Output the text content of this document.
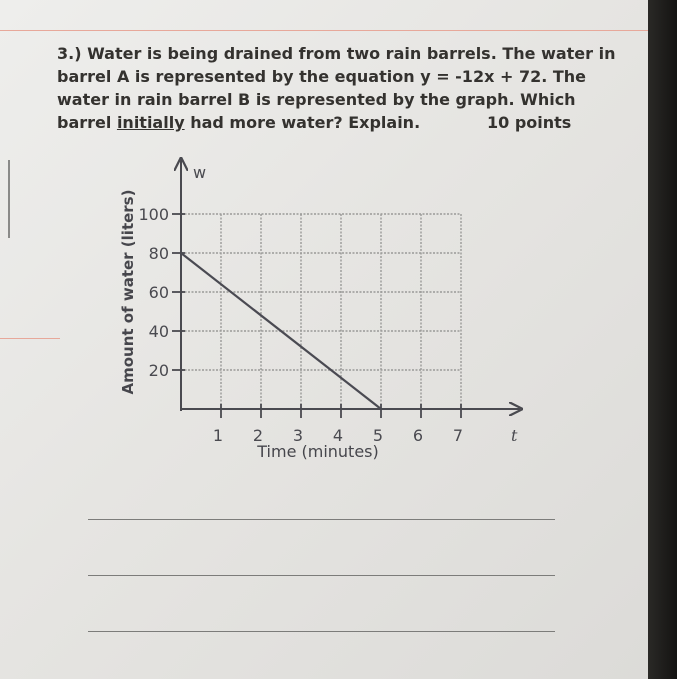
3.) Water is being drained from two rain barrels. The water in
barrel A is represented by the equation y = -12x + 72. The
water in rain barrel B is represented by the graph. Which
barrel initially had more water? Explain.	10 points
20
40
60
80
100
1 2 3 4 5 6 7
w
t
Time (minutes)
Amount of water (liters)
